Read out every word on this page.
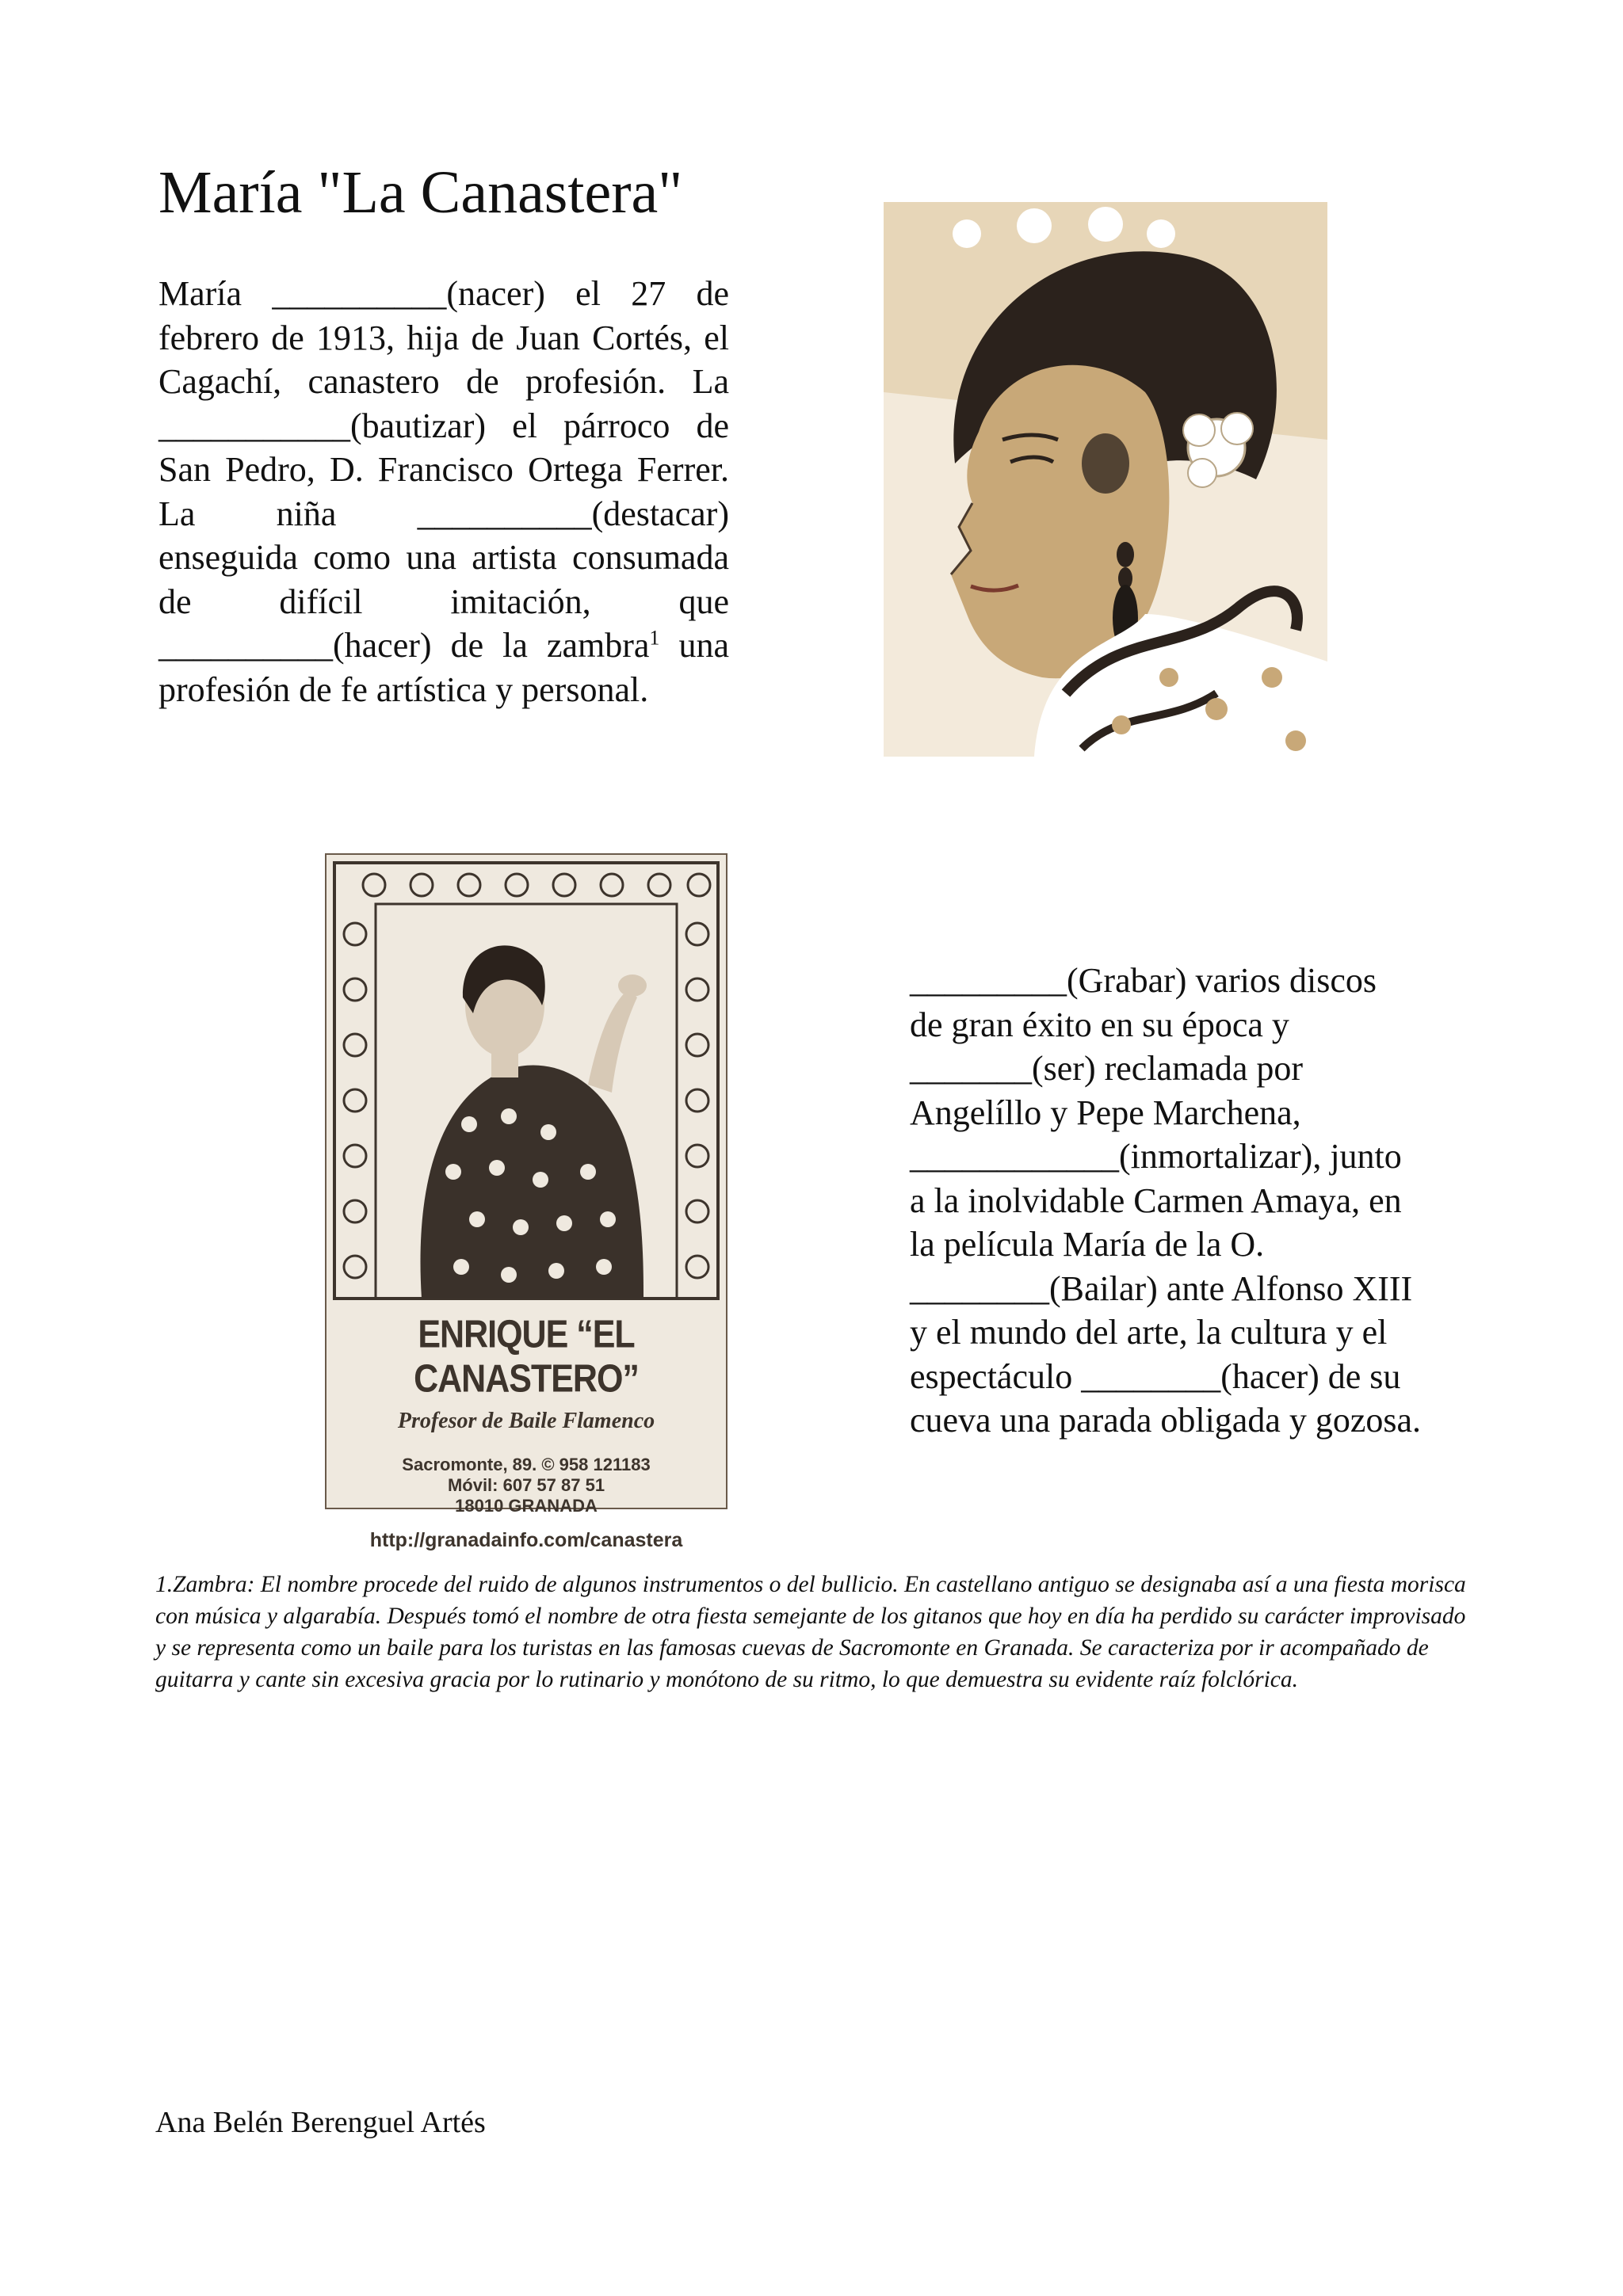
María "La Canastera"

María __________(nacer) el 27 de febrero de 1913, hija de Juan Cortés, el Cagachí, canastero de profesión. La ___________(bautizar) el párroco de San Pedro, D. Francisco Ortega Ferrer. La niña __________(destacar) enseguida como una artista consumada de difícil imitación, que __________(hacer) de la zambra$^1$ una profesión de fe artística y personal.

ENRIQUE “EL CANASTERO”
Profesor de Baile Flamenco
Sacromonte, 89. © 958 121183
Móvil: 607 57 87 51
18010 GRANADA
http://granadainfo.com/canastera
_________(Grabar) varios discos
de gran éxito en su época y
_______(ser) reclamada por
Angelíllo y Pepe Marchena,
____________(inmortalizar), junto
a la inolvidable Carmen Amaya, en
la película María de la O.
________(Bailar) ante Alfonso XIII
y el mundo del arte, la cultura y el
espectáculo ________(hacer) de su
cueva una parada obligada y gozosa.

1.Zambra: El nombre procede del ruido de algunos instrumentos o del bullicio. En castellano antiguo se designaba así a una fiesta morisca con música y algarabía. Después tomó el nombre de otra fiesta semejante de los gitanos que hoy en día ha perdido su carácter improvisado y se representa como un baile para los turistas en las famosas cuevas de Sacromonte en Granada. Se caracteriza por ir acompañado de guitarra y cante sin excesiva gracia por lo rutinario y monótono de su ritmo, lo que demuestra su evidente raíz folclórica.

Ana Belén Berenguel Artés
